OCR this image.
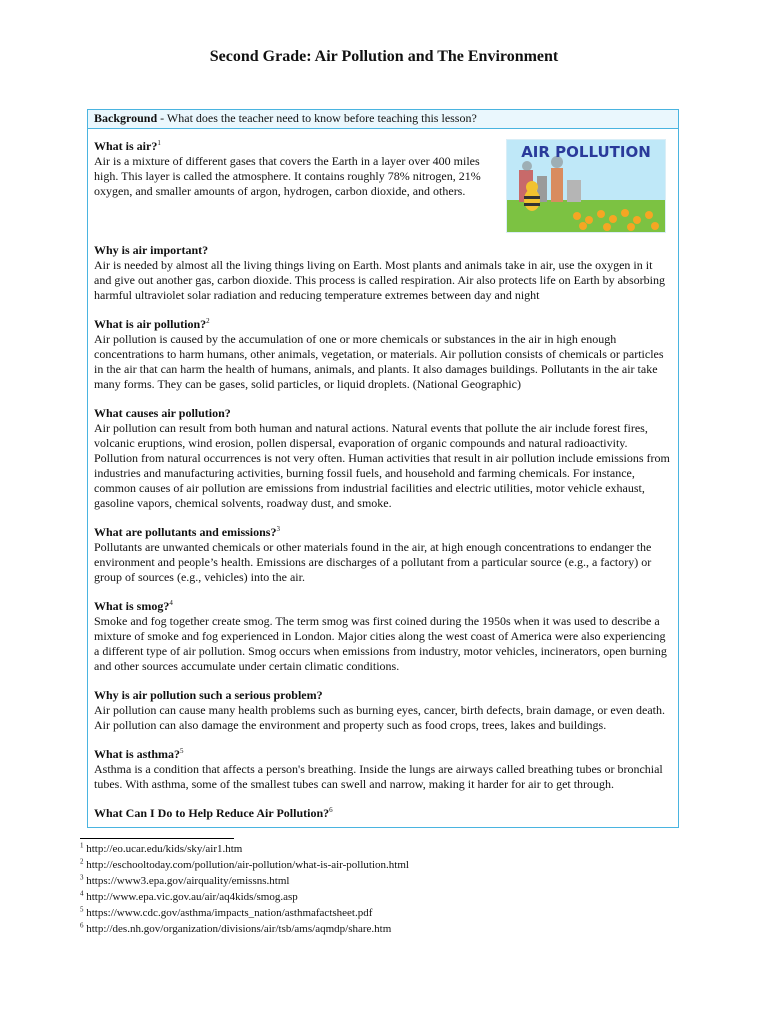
Second Grade: Air Pollution and The Environment
Background - What does the teacher need to know before teaching this lesson?

What is air?$^1$

Air is a mixture of different gases that covers the Earth in a layer over 400 miles high. This layer is called the atmosphere. It contains roughly 78% nitrogen, 21% oxygen, and smaller amounts of argon, hydrogen, carbon dioxide, and others.

AIR POLLUTION

Why is air important?

Air is needed by almost all the living things living on Earth. Most plants and animals take in air, use the oxygen in it and give out another gas, carbon dioxide. This process is called respiration. Air also protects life on Earth by absorbing harmful ultraviolet solar radiation and reducing temperature extremes between day and night

What is air pollution?$^2$

Air pollution is caused by the accumulation of one or more chemicals or substances in the air in high enough concentrations to harm humans, other animals, vegetation, or materials. Air pollution consists of chemicals or particles in the air that can harm the health of humans, animals, and plants. It also damages buildings. Pollutants in the air take many forms. They can be gases, solid particles, or liquid droplets. (National Geographic)

What causes air pollution?

Air pollution can result from both human and natural actions. Natural events that pollute the air include forest fires, volcanic eruptions, wind erosion, pollen dispersal, evaporation of organic compounds and natural radioactivity. Pollution from natural occurrences is not very often. Human activities that result in air pollution include emissions from industries and manufacturing activities, burning fossil fuels, and household and farming chemicals. For instance, common causes of air pollution are emissions from industrial facilities and electric utilities, motor vehicle exhaust, gasoline vapors, chemical solvents, roadway dust, and smoke.

What are pollutants and emissions?$^3$

Pollutants are unwanted chemicals or other materials found in the air, at high enough concentrations to endanger the environment and people’s health. Emissions are discharges of a pollutant from a particular source (e.g., a factory) or group of sources (e.g., vehicles) into the air.

What is smog?$^4$

Smoke and fog together create smog. The term smog was first coined during the 1950s when it was used to describe a mixture of smoke and fog experienced in London. Major cities along the west coast of America were also experiencing a different type of air pollution. Smog occurs when emissions from industry, motor vehicles, incinerators, open burning and other sources accumulate under certain climatic conditions.

Why is air pollution such a serious problem?

Air pollution can cause many health problems such as burning eyes, cancer, birth defects, brain damage, or even death. Air pollution can also damage the environment and property such as food crops, trees, lakes and buildings.

What is asthma?$^5$

Asthma is a condition that affects a person's breathing. Inside the lungs are airways called breathing tubes or bronchial tubes. With asthma, some of the smallest tubes can swell and narrow, making it harder for air to get through.

What Can I Do to Help Reduce Air Pollution?$^6$

$^1$ http://eo.ucar.edu/kids/sky/air1.htm
$^2$ http://eschooltoday.com/pollution/air-pollution/what-is-air-pollution.html
$^3$ https://www3.epa.gov/airquality/emissns.html
$^4$ http://www.epa.vic.gov.au/air/aq4kids/smog.asp
$^5$ https://www.cdc.gov/asthma/impacts_nation/asthmafactsheet.pdf
$^6$ http://des.nh.gov/organization/divisions/air/tsb/ams/aqmdp/share.htm
